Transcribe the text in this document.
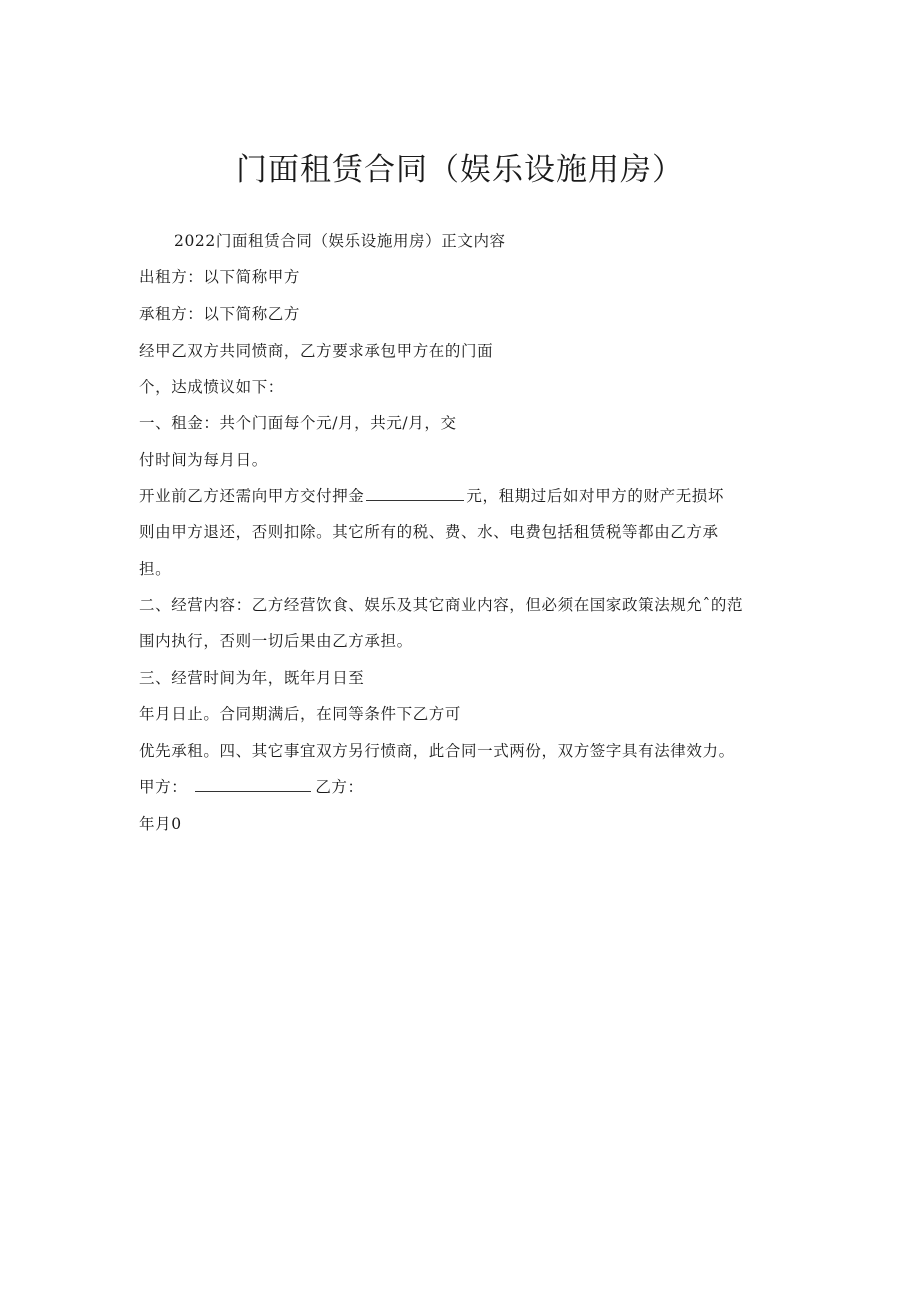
门面租赁合同（娱乐设施用房）
2022门面租赁合同（娱乐设施用房）正文内容
出租方：以下简称甲方
承租方：以下简称乙方
经甲乙双方共同愤商，乙方要求承包甲方在的门面
个，达成愤议如下：
一、租金：共个门面每个元/月，共元/月，交
付时间为每月日。
开业前乙方还需向甲方交付押金	元，租期过后如对甲方的财产无损坏
则由甲方退还，否则扣除。其它所有的税、费、水、电费包括租赁税等都由乙方承
担。
二、经营内容：乙方经营饮食、娱乐及其它商业内容，但必须在国家政策法规允ˆ的范
围内执行，否则一切后果由乙方承担。
三、经营时间为年，既年月日至
年月日止。合同期满后，在同等条件下乙方可
优先承租。四、其它事宜双方另行愤商，此合同一式两份，双方签字具有法律效力。
甲方：	乙方：
年月0
